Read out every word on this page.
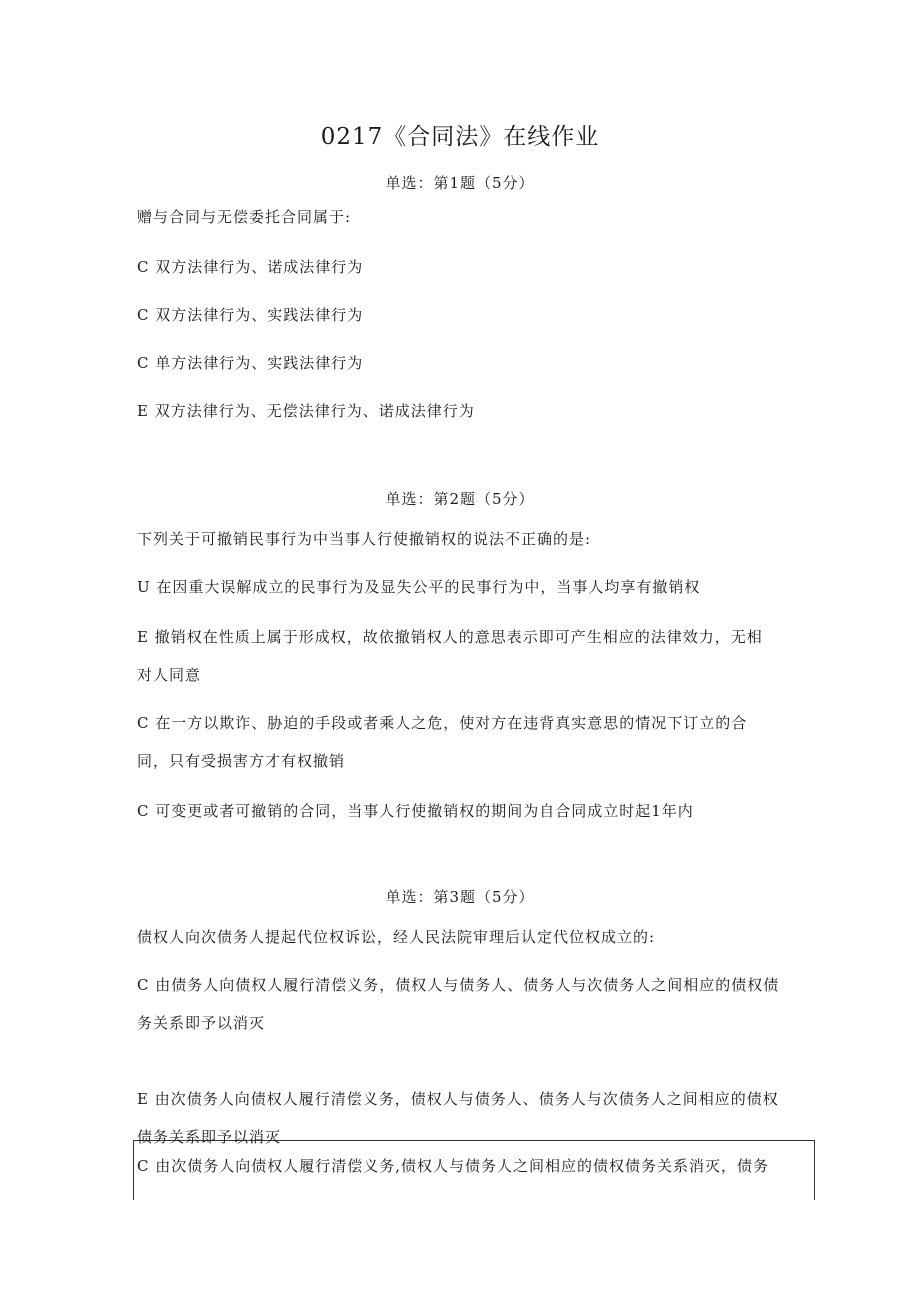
0217《合同法》在线作业
单选：第1题（5分）
赠与合同与无偿委托合同属于:
C 双方法律行为、诺成法律行为
C 双方法律行为、实践法律行为
C 单方法律行为、实践法律行为
E 双方法律行为、无偿法律行为、诺成法律行为
单选：第2题（5分）
下列关于可撤销民事行为中当事人行使撤销权的说法不正确的是:
U 在因重大误解成立的民事行为及显失公平的民事行为中，当事人均享有撤销权
E 撤销权在性质上属于形成权，故依撤销权人的意思表示即可产生相应的法律效力，无相
对人同意
C 在一方以欺诈、胁迫的手段或者乘人之危，使对方在违背真实意思的情况下订立的合
同，只有受损害方才有权撤销
C 可变更或者可撤销的合同，当事人行使撤销权的期间为自合同成立时起1年内
单选：第3题（5分）
债权人向次债务人提起代位权诉讼，经人民法院审理后认定代位权成立的:
C 由债务人向债权人履行清偿义务，债权人与债务人、债务人与次债务人之间相应的债权债
务关系即予以消灭
E 由次债务人向债权人履行清偿义务，债权人与债务人、债务人与次债务人之间相应的债权
C 由次债务人向债权人履行清偿义务,债权人与债务人之间相应的债权债务关系消灭，债务
债务关系即予以消灭
